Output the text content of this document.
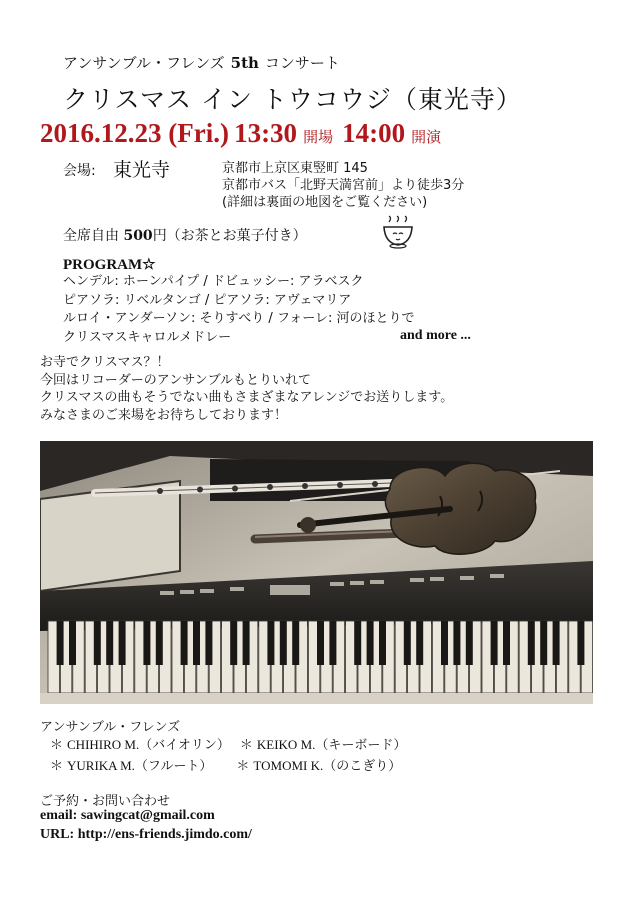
アンサンブル・フレンズ 5th コンサート
クリスマス イン トウコウジ（東光寺）
2016.12.23 (Fri.) 13:30 開場 14:00 開演
会場: 東光寺	京都市上京区東竪町 145
京都市バス「北野天満宮前」より徒歩3分
(詳細は裏面の地図をご覧ください)
全席自由 500円（お茶とお菓子付き）
PROGRAM☆
ヘンデル: ホーンパイプ / ドビュッシー: アラベスク
ピアソラ: リベルタンゴ / ピアソラ: アヴェマリア
ルロイ・アンダーソン: そりすべり / フォーレ: 河のほとりで
クリスマスキャロルメドレー	and more ...
お寺でクリスマス？！
今回はリコーダーのアンサンブルもとりいれて
クリスマスの曲もそうでない曲もさまざまなアレンジでお送りします。
みなさまのご来場をお待ちしております！
アンサンブル・フレンズ
＊ CHIHIRO M.（バイオリン） ＊ KEIKO M.（キーボード）
＊ YURIKA M.（フルート） ＊ TOMOMI K.（のこぎり）
ご予約・お問い合わせ
email: sawingcat@gmail.com
URL: http://ens-friends.jimdo.com/
